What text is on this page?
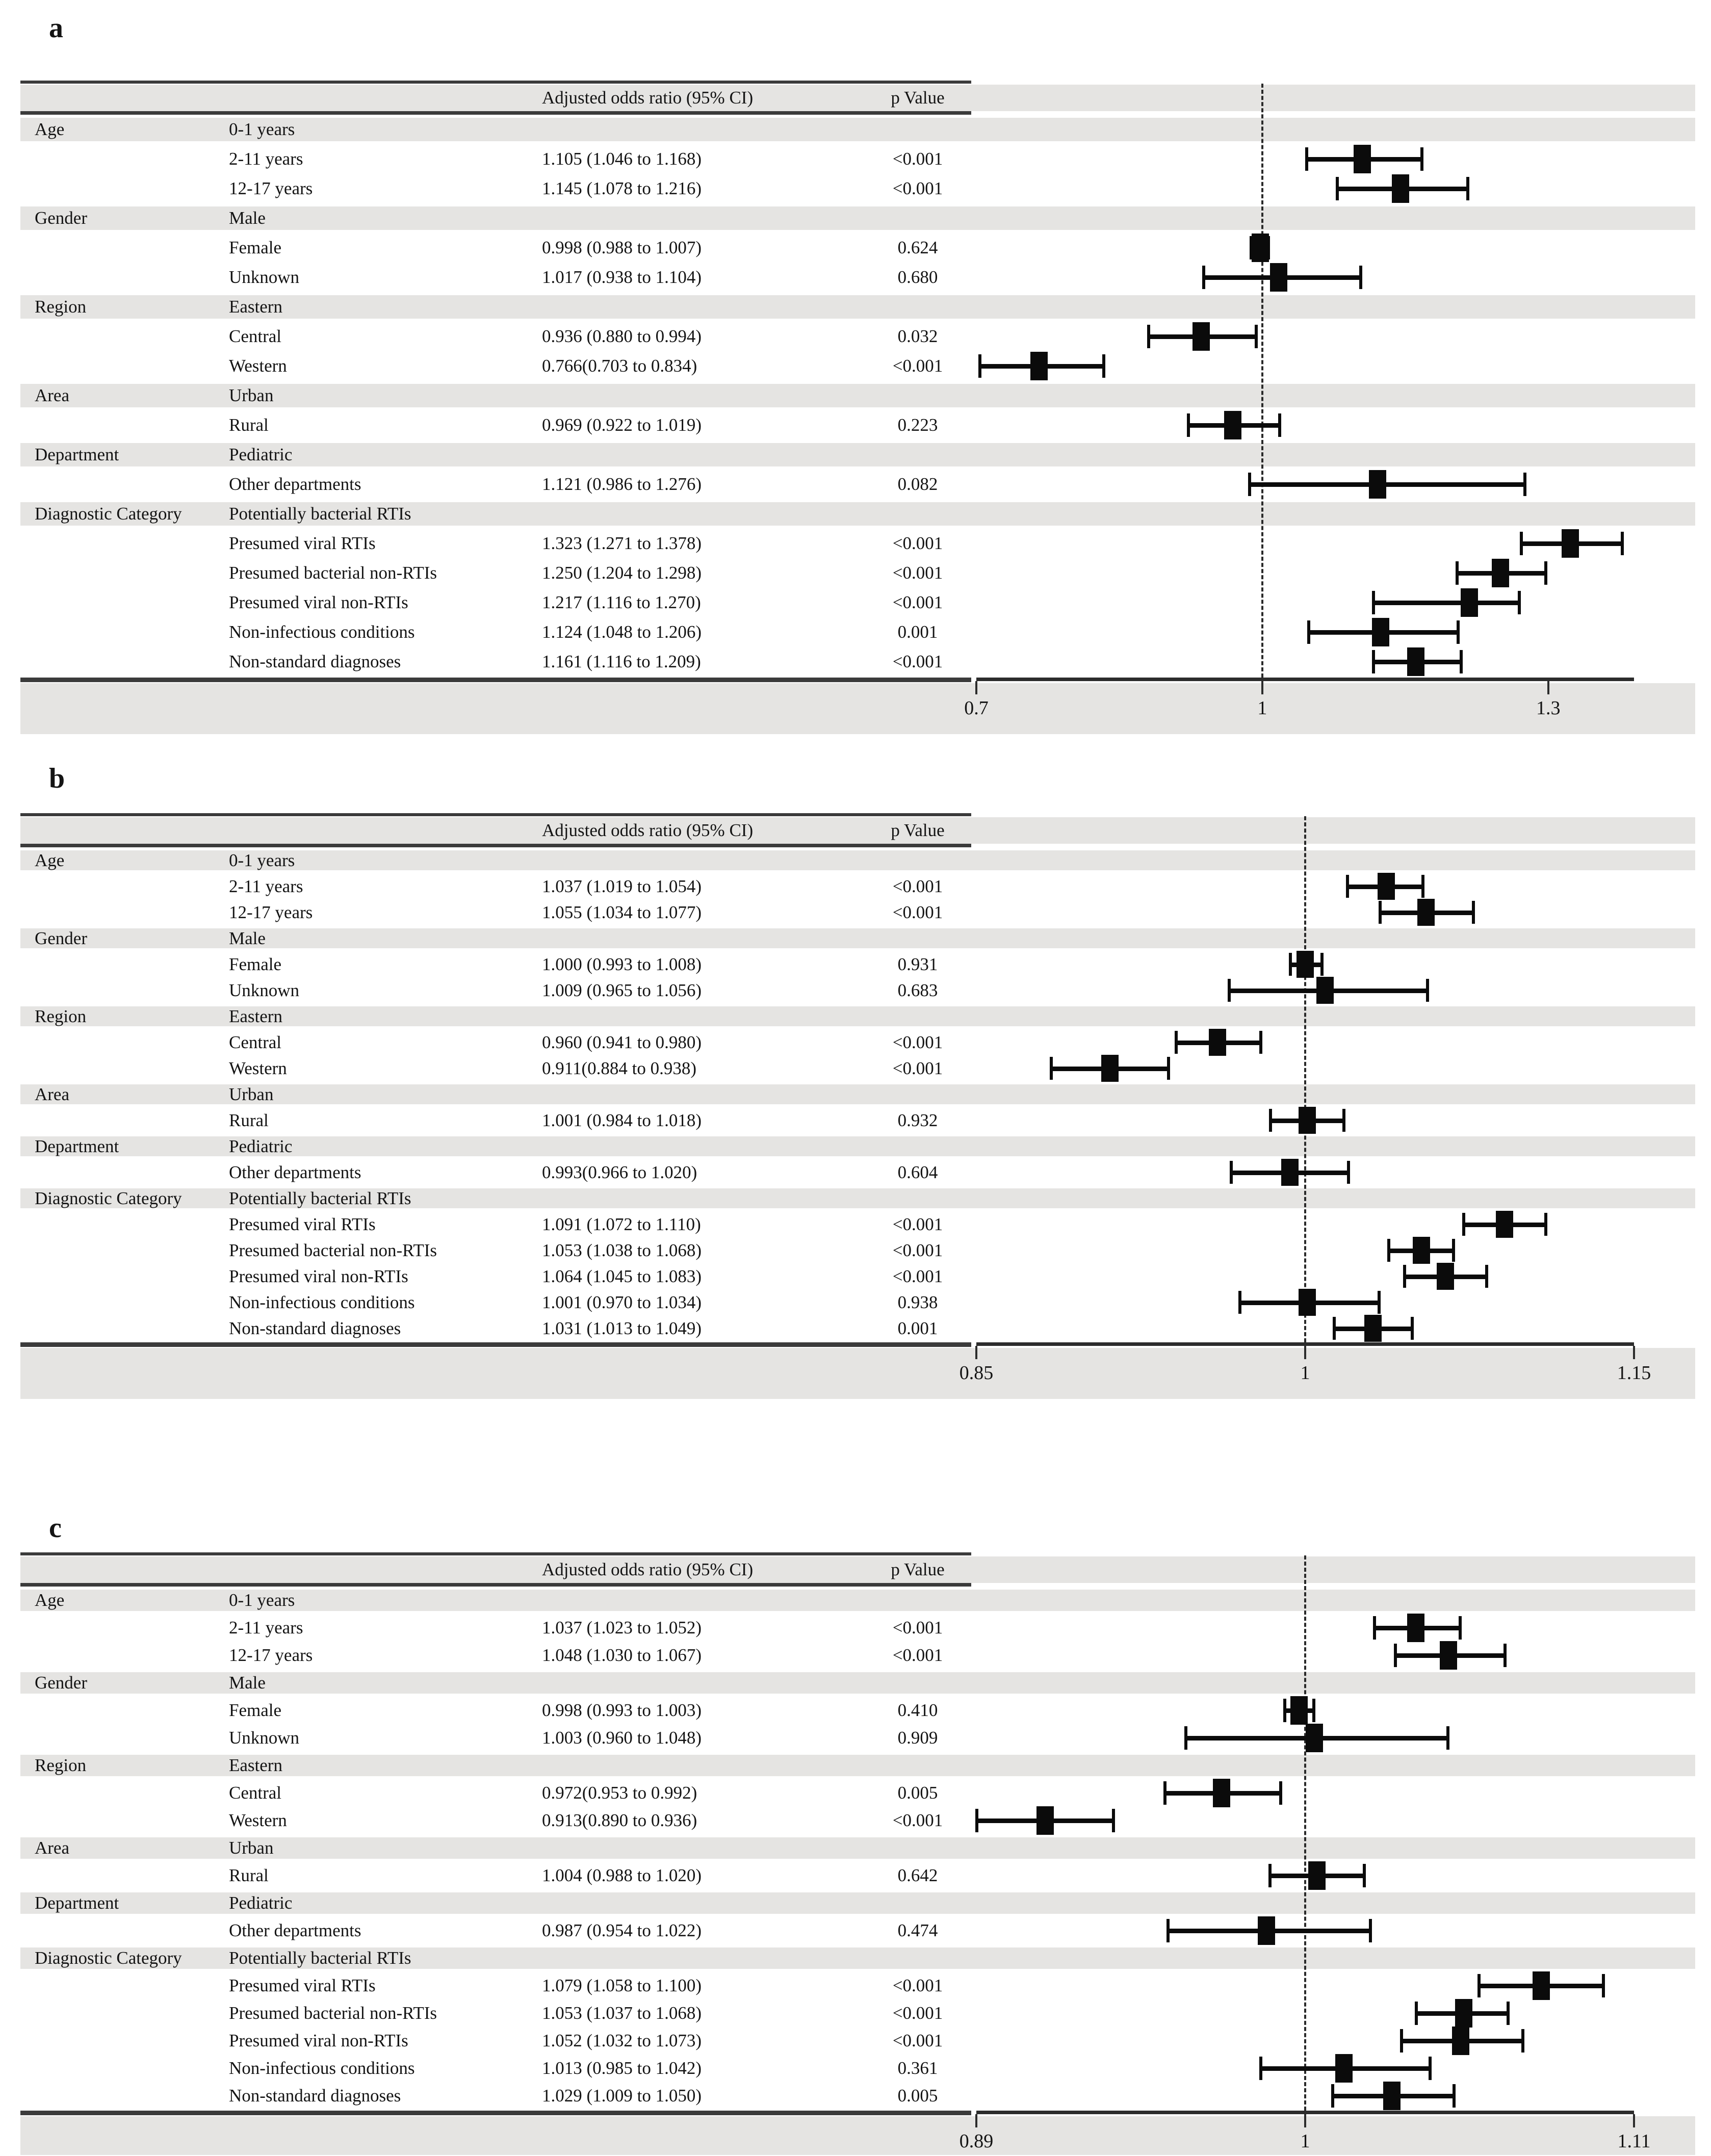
a
Adjusted odds ratio (95% CI)	p Value
Age	0-1 years
2-11 years	1.105 (1.046 to 1.168)	<0.001
12-17 years	1.145 (1.078 to 1.216)	<0.001
Gender	Male
Female	0.998 (0.988 to 1.007)	0.624
Unknown	1.017 (0.938 to 1.104)	0.680
Region	Eastern
Central	0.936 (0.880 to 0.994)	0.032
Western	0.766(0.703 to 0.834)	<0.001
Area	Urban
Rural	0.969 (0.922 to 1.019)	0.223
Department	Pediatric
Other departments	1.121 (0.986 to 1.276)	0.082
Diagnostic Category	Potentially bacterial RTIs
Presumed viral RTIs	1.323 (1.271 to 1.378)	<0.001
Presumed bacterial non-RTIs	1.250 (1.204 to 1.298)	<0.001
Presumed viral non-RTIs	1.217 (1.116 to 1.270)	<0.001
Non-infectious conditions	1.124 (1.048 to 1.206)	0.001
Non-standard diagnoses	1.161 (1.116 to 1.209)	<0.001
0.7	1	1.3
b
Adjusted odds ratio (95% CI)	p Value
Age	0-1 years
2-11 years	1.037 (1.019 to 1.054)	<0.001
12-17 years	1.055 (1.034 to 1.077)	<0.001
Gender	Male
Female	1.000 (0.993 to 1.008)	0.931
Unknown	1.009 (0.965 to 1.056)	0.683
Region	Eastern
Central	0.960 (0.941 to 0.980)	<0.001
Western	0.911(0.884 to 0.938)	<0.001
Area	Urban
Rural	1.001 (0.984 to 1.018)	0.932
Department	Pediatric
Other departments	0.993(0.966 to 1.020)	0.604
Diagnostic Category	Potentially bacterial RTIs
Presumed viral RTIs	1.091 (1.072 to 1.110)	<0.001
Presumed bacterial non-RTIs	1.053 (1.038 to 1.068)	<0.001
Presumed viral non-RTIs	1.064 (1.045 to 1.083)	<0.001
Non-infectious conditions	1.001 (0.970 to 1.034)	0.938
Non-standard diagnoses	1.031 (1.013 to 1.049)	0.001
0.85	1	1.15
c
Adjusted odds ratio (95% CI)	p Value
Age	0-1 years
2-11 years	1.037 (1.023 to 1.052)	<0.001
12-17 years	1.048 (1.030 to 1.067)	<0.001
Gender	Male
Female	0.998 (0.993 to 1.003)	0.410
Unknown	1.003 (0.960 to 1.048)	0.909
Region	Eastern
Central	0.972(0.953 to 0.992)	0.005
Western	0.913(0.890 to 0.936)	<0.001
Area	Urban
Rural	1.004 (0.988 to 1.020)	0.642
Department	Pediatric
Other departments	0.987 (0.954 to 1.022)	0.474
Diagnostic Category	Potentially bacterial RTIs
Presumed viral RTIs	1.079 (1.058 to 1.100)	<0.001
Presumed bacterial non-RTIs	1.053 (1.037 to 1.068)	<0.001
Presumed viral non-RTIs	1.052 (1.032 to 1.073)	<0.001
Non-infectious conditions	1.013 (0.985 to 1.042)	0.361
Non-standard diagnoses	1.029 (1.009 to 1.050)	0.005
0.89	1	1.11
